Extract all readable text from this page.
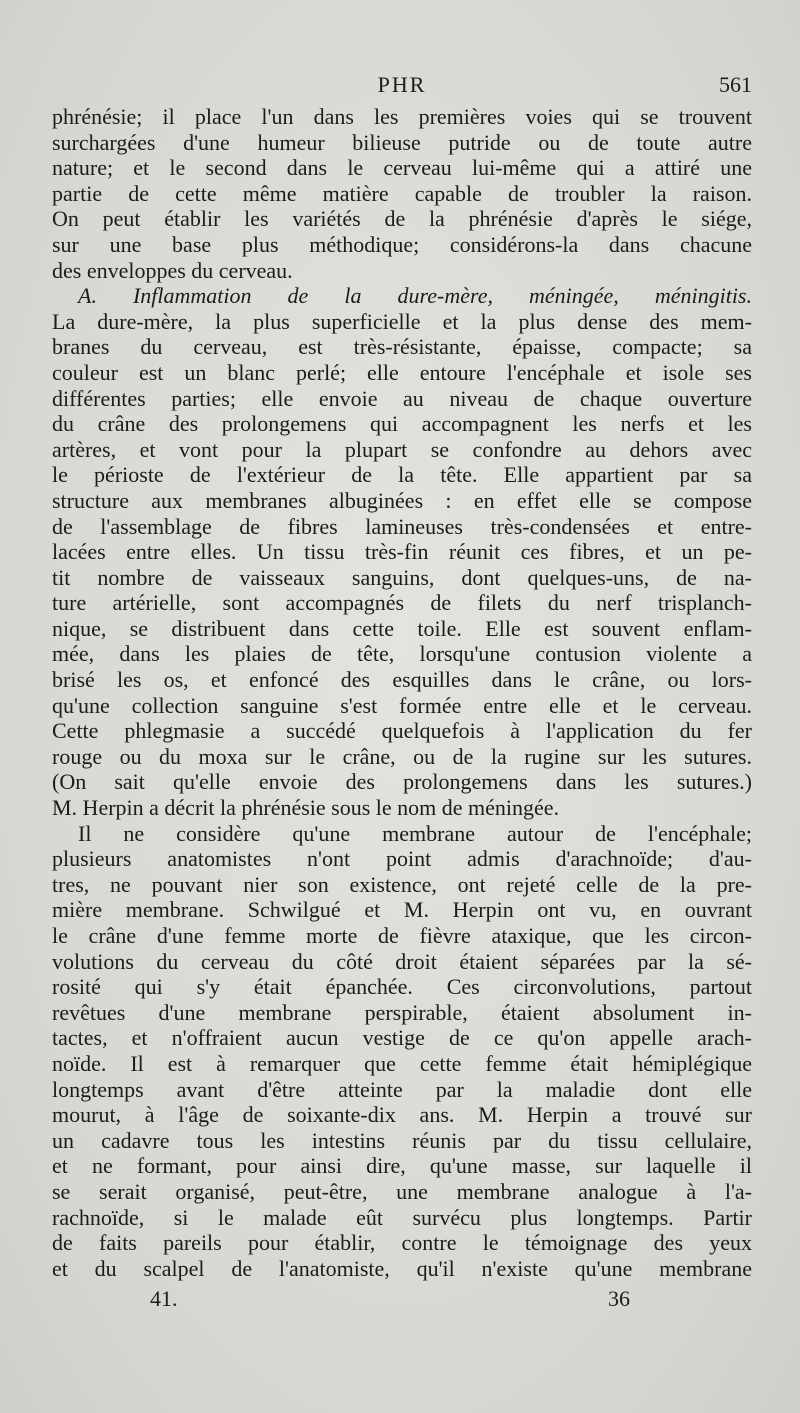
PHR	561
phrénésie; il place l'un dans les premières voies qui se trouvent
surchargées d'une humeur bilieuse putride ou de toute autre
nature; et le second dans le cerveau lui-même qui a attiré une
partie de cette même matière capable de troubler la raison.
On peut établir les variétés de la phrénésie d'après le siége,
sur une base plus méthodique; considérons-la dans chacune
des enveloppes du cerveau.
A. Inflammation de la dure-mère, méningée, méningitis.
La dure-mère, la plus superficielle et la plus dense des mem-
branes du cerveau, est très-résistante, épaisse, compacte; sa
couleur est un blanc perlé; elle entoure l'encéphale et isole ses
différentes parties; elle envoie au niveau de chaque ouverture
du crâne des prolongemens qui accompagnent les nerfs et les
artères, et vont pour la plupart se confondre au dehors avec
le périoste de l'extérieur de la tête. Elle appartient par sa
structure aux membranes albuginées : en effet elle se compose
de l'assemblage de fibres lamineuses très-condensées et entre-
lacées entre elles. Un tissu très-fin réunit ces fibres, et un pe-
tit nombre de vaisseaux sanguins, dont quelques-uns, de na-
ture artérielle, sont accompagnés de filets du nerf trisplanch-
nique, se distribuent dans cette toile. Elle est souvent enflam-
mée, dans les plaies de tête, lorsqu'une contusion violente a
brisé les os, et enfoncé des esquilles dans le crâne, ou lors-
qu'une collection sanguine s'est formée entre elle et le cerveau.
Cette phlegmasie a succédé quelquefois à l'application du fer
rouge ou du moxa sur le crâne, ou de la rugine sur les sutures.
(On sait qu'elle envoie des prolongemens dans les sutures.)
M. Herpin a décrit la phrénésie sous le nom de méningée.
Il ne considère qu'une membrane autour de l'encéphale;
plusieurs anatomistes n'ont point admis d'arachnoïde; d'au-
tres, ne pouvant nier son existence, ont rejeté celle de la pre-
mière membrane. Schwilgué et M. Herpin ont vu, en ouvrant
le crâne d'une femme morte de fièvre ataxique, que les circon-
volutions du cerveau du côté droit étaient séparées par la sé-
rosité qui s'y était épanchée. Ces circonvolutions, partout
revêtues d'une membrane perspirable, étaient absolument in-
tactes, et n'offraient aucun vestige de ce qu'on appelle arach-
noïde. Il est à remarquer que cette femme était hémiplégique
longtemps avant d'être atteinte par la maladie dont elle
mourut, à l'âge de soixante-dix ans. M. Herpin a trouvé sur
un cadavre tous les intestins réunis par du tissu cellulaire,
et ne formant, pour ainsi dire, qu'une masse, sur laquelle il
se serait organisé, peut-être, une membrane analogue à l'a-
rachnoïde, si le malade eût survécu plus longtemps. Partir
de faits pareils pour établir, contre le témoignage des yeux
et du scalpel de l'anatomiste, qu'il n'existe qu'une membrane
41.	36
